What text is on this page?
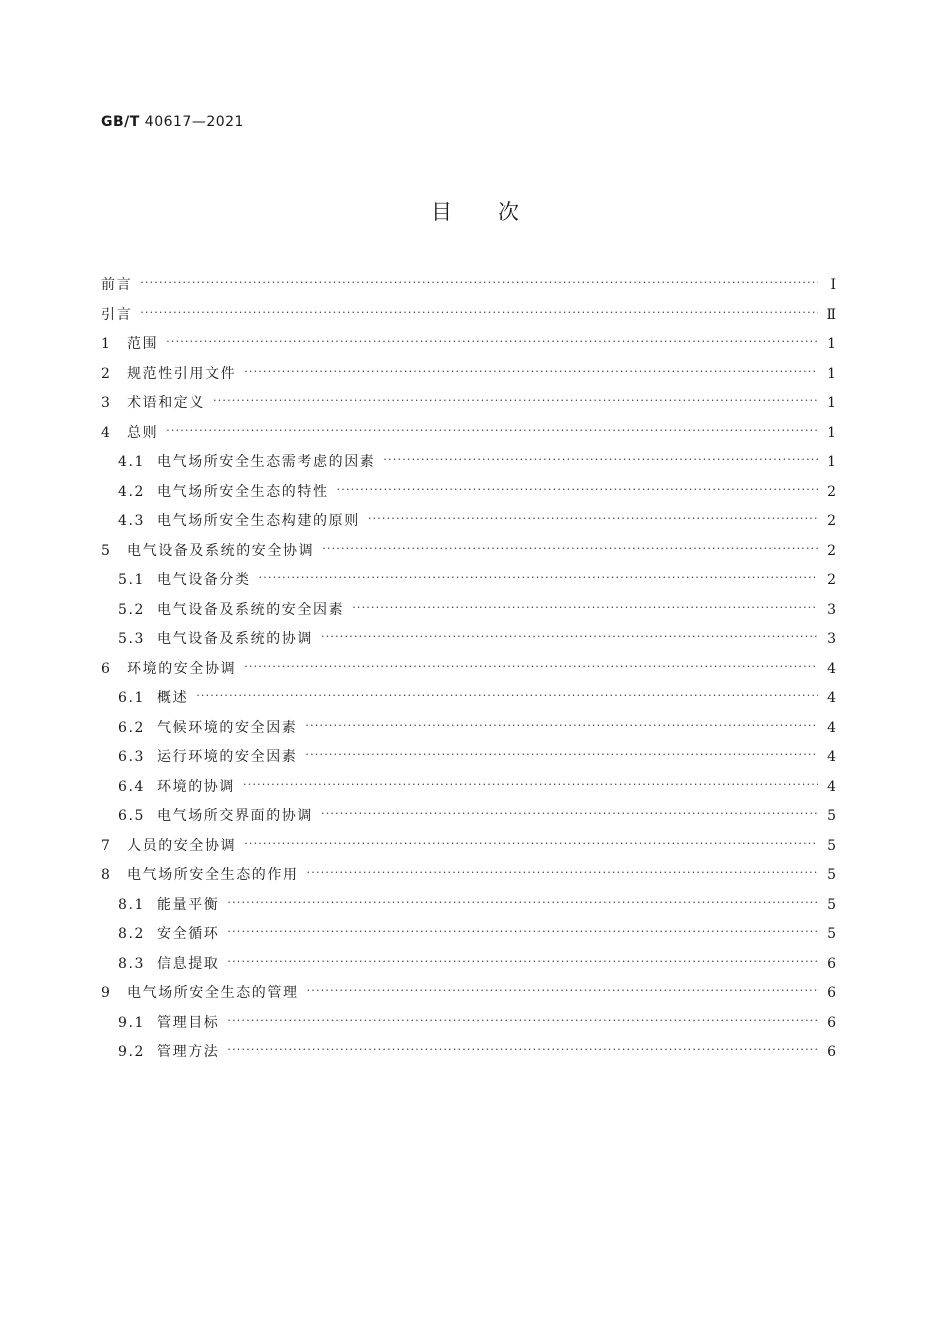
GB/T 40617—2021
目次
前言 ·····	Ⅰ
引言 ·····	Ⅱ
1	范围 ·····	1
2	规范性引用文件 ·····	1
3	术语和定义 ·····	1
4	总则 ·····	1
4.1 电气场所安全生态需考虑的因素 ·····	1
4.2 电气场所安全生态的特性 ·····	2
4.3 电气场所安全生态构建的原则 ·····	2
5	电气设备及系统的安全协调 ·····	2
5.1 电气设备分类 ·····	2
5.2 电气设备及系统的安全因素 ·····	3
5.3 电气设备及系统的协调 ·····	3
6	环境的安全协调 ·····	4
6.1 概述 ·····	4
6.2 气候环境的安全因素 ·····	4
6.3 运行环境的安全因素 ·····	4
6.4 环境的协调 ·····	4
6.5 电气场所交界面的协调 ·····	5
7	人员的安全协调 ·····	5
8	电气场所安全生态的作用 ·····	5
8.1 能量平衡 ·····	5
8.2 安全循环 ·····	5
8.3 信息提取 ·····	6
9	电气场所安全生态的管理 ·····	6
9.1 管理目标 ·····	6
9.2 管理方法 ·····	6
